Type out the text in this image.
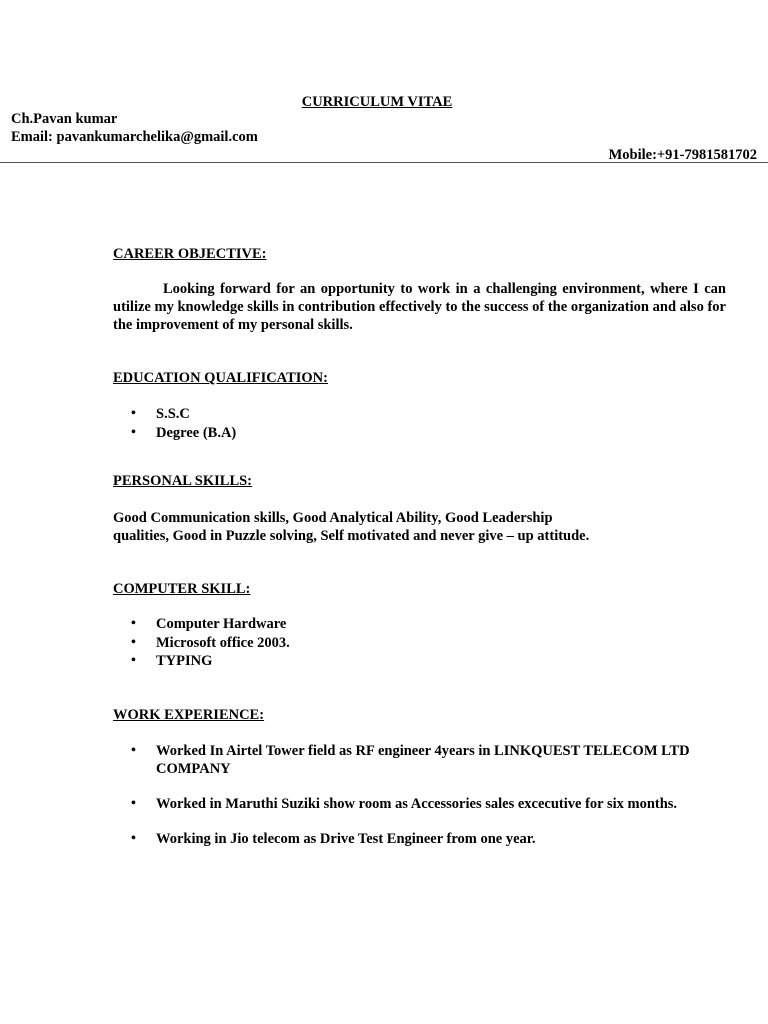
CURRICULUM VITAE
Ch.Pavan kumar
Email: pavankumarchelika@gmail.com
Mobile:+91-7981581702
CAREER OBJECTIVE:
Looking forward for an opportunity to work in a challenging environment, where I can utilize my knowledge skills in contribution effectively to the success of the organization and also for the improvement of my personal skills.
EDUCATION QUALIFICATION:
• S.S.C
• Degree (B.A)
PERSONAL SKILLS:
Good Communication skills, Good Analytical Ability, Good Leadership
qualities, Good in Puzzle solving, Self motivated and never give – up attitude.
COMPUTER SKILL:
• Computer Hardware
• Microsoft office 2003.
• TYPING
WORK EXPERIENCE:
• Worked In Airtel Tower field as RF engineer 4years in LINKQUEST TELECOM LTD COMPANY
• Worked in Maruthi Suziki show room as Accessories sales excecutive for six months.
• Working in Jio telecom as Drive Test Engineer from one year.
